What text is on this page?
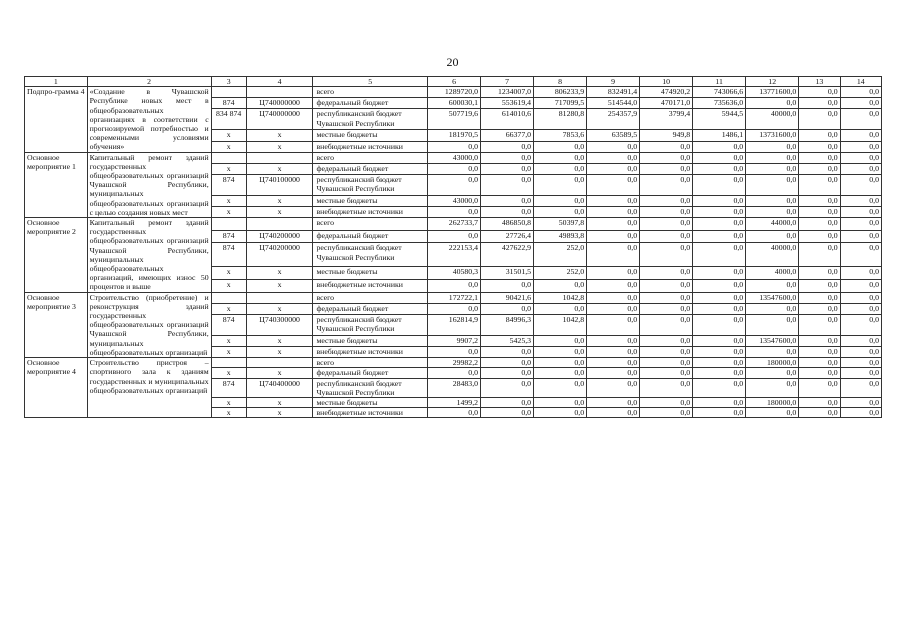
20
1	2	3	4	5	6	7	8	9	10	11	12	13	14
Подпро-грамма 4	«Создание в Чувашской Республике новых мест в общеобразовательных организациях в соответствии с прогнозируемой потребностью и современными условиями обучения»			всего	1289720,0	1234007,0	806233,9	832491,4	474920,2	743066,6	13771600,0	0,0	0,0
		874	Ц740000000	федеральный бюджет	600030,1	553619,4	717099,5	514544,0	470171,0	735636,0	0,0	0,0	0,0
		834 874	Ц740000000	республиканский бюджет Чувашской Республики	507719,6	614010,6	81280,8	254357,9	3799,4	5944,5	40000,0	0,0	0,0
		x	x	местные бюджеты	181970,5	66377,0	7853,6	63589,5	949,8	1486,1	13731600,0	0,0	0,0
		x	x	внебюджетные источники	0,0	0,0	0,0	0,0	0,0	0,0	0,0	0,0	0,0
Основное мероприятие 1	Капитальный ремонт зданий государственных общеобразовательных организаций Чувашской Республики, муниципальных общеобразовательных организаций с целью создания новых мест			всего	43000,0	0,0	0,0	0,0	0,0	0,0	0,0	0,0	0,0
		x	x	федеральный бюджет	0,0	0,0	0,0	0,0	0,0	0,0	0,0	0,0	0,0
		874	Ц740100000	республиканский бюджет Чувашской Республики	0,0	0,0	0,0	0,0	0,0	0,0	0,0	0,0	0,0
		x	x	местные бюджеты	43000,0	0,0	0,0	0,0	0,0	0,0	0,0	0,0	0,0
		x	x	внебюджетные источники	0,0	0,0	0,0	0,0	0,0	0,0	0,0	0,0	0,0
Основное мероприятие 2	Капитальный ремонт зданий государственных общеобразовательных организаций Чувашской Республики, муниципальных общеобразовательных организаций, имеющих износ 50 процентов и выше			всего	262733,7	486850,8	50397,8	0,0	0,0	0,0	44000,0	0,0	0,0
		874	Ц740200000	федеральный бюджет	0,0	27726,4	49893,8	0,0	0,0	0,0	0,0	0,0	0,0
		874	Ц740200000	республиканский бюджет Чувашской Республики	222153,4	427622,9	252,0	0,0	0,0	0,0	40000,0	0,0	0,0
		x	x	местные бюджеты	40580,3	31501,5	252,0	0,0	0,0	0,0	4000,0	0,0	0,0
		x	x	внебюджетные источники	0,0	0,0	0,0	0,0	0,0	0,0	0,0	0,0	0,0
Основное мероприятие 3	Строительство (приобретение) и реконструкция зданий государственных общеобразовательных организаций Чувашской Республики, муниципальных общеобразовательных организаций			всего	172722,1	90421,6	1042,8	0,0	0,0	0,0	13547600,0	0,0	0,0
		x	x	федеральный бюджет	0,0	0,0	0,0	0,0	0,0	0,0	0,0	0,0	0,0
		874	Ц740300000	республиканский бюджет Чувашской Республики	162814,9	84996,3	1042,8	0,0	0,0	0,0	0,0	0,0	0,0
		x	x	местные бюджеты	9907,2	5425,3	0,0	0,0	0,0	0,0	13547600,0	0,0	0,0
		x	x	внебюджетные источники	0,0	0,0	0,0	0,0	0,0	0,0	0,0	0,0	0,0
Основное мероприятие 4	Строительство пристроя – спортивного зала к зданиям государственных и муниципальных общеобразовательных организаций			всего	29982,2	0,0	0,0	0,0	0,0	0,0	180000,0	0,0	0,0
		x	x	федеральный бюджет	0,0	0,0	0,0	0,0	0,0	0,0	0,0	0,0	0,0
		874	Ц740400000	республиканский бюджет Чувашской Республики	28483,0	0,0	0,0	0,0	0,0	0,0	0,0	0,0	0,0
		x	x	местные бюджеты	1499,2	0,0	0,0	0,0	0,0	0,0	180000,0	0,0	0,0
		x	x	внебюджетные источники	0,0	0,0	0,0	0,0	0,0	0,0	0,0	0,0	0,0
